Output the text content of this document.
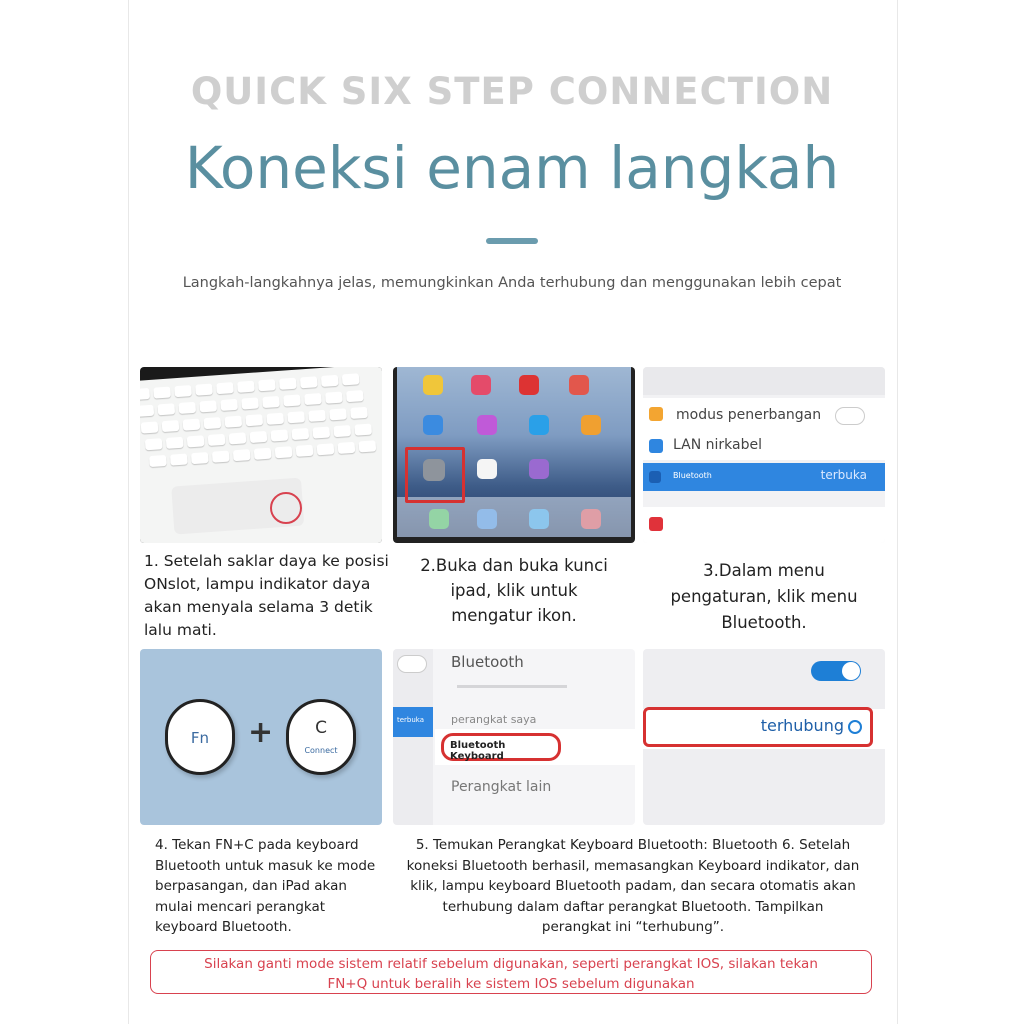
QUICK SIX STEP CONNECTION
Koneksi enam langkah
Langkah-langkahnya jelas, memungkinkan Anda terhubung dan menggunakan lebih cepat
modus penerbangan
LAN nirkabel
Bluetooth	terbuka
1. Setelah saklar daya ke posisi
ONslot, lampu indikator daya
akan menyala selama 3 detik
lalu mati.
2.Buka dan buka kunci
ipad, klik untuk
mengatur ikon.
3.Dalam menu
pengaturan, klik menu
Bluetooth.
Fn	+	C
Connect
terbuka
Bluetooth
perangkat saya
Bluetooth Keyboard
Perangkat lain
terhubung
4. Tekan FN+C pada keyboard
Bluetooth untuk masuk ke mode
berpasangan, dan iPad akan
mulai mencari perangkat
keyboard Bluetooth.
5. Temukan Perangkat Keyboard Bluetooth: Bluetooth 6. Setelah
koneksi Bluetooth berhasil, memasangkan Keyboard indikator, dan
klik, lampu keyboard Bluetooth padam, dan secara otomatis akan
terhubung dalam daftar perangkat Bluetooth. Tampilkan
perangkat ini “terhubung”.
Silakan ganti mode sistem relatif sebelum digunakan, seperti perangkat IOS, silakan tekan
FN+Q untuk beralih ke sistem IOS sebelum digunakan
